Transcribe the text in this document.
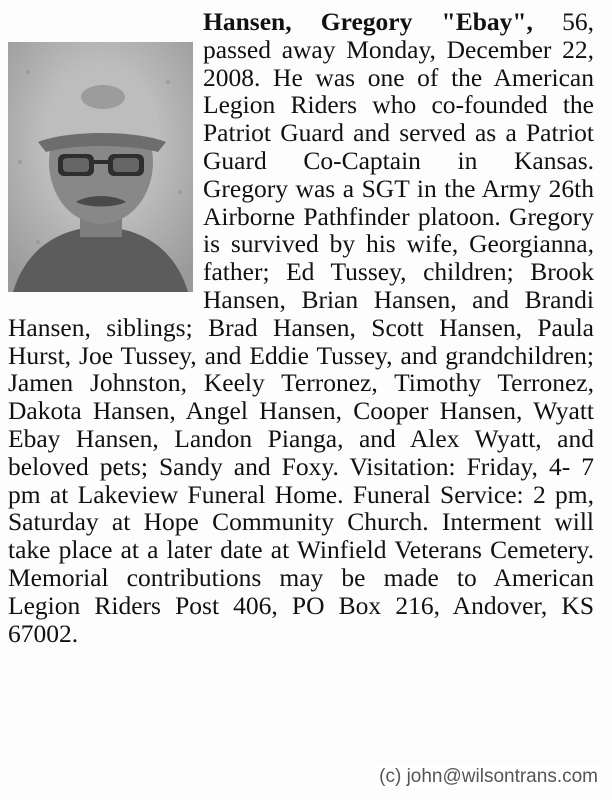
Hansen, Gregory "Ebay", 56, passed away Monday, December 22, 2008. He was one of the American Legion Riders who co-founded the Patriot Guard and served as a Patriot Guard Co-Captain in Kansas. Gregory was a SGT in the Army 26th Airborne Pathfinder platoon. Gregory is survived by his wife, Georgianna, father; Ed Tussey, children; Brook Hansen, Brian Hansen, and Brandi Hansen, siblings; Brad Hansen, Scott Hansen, Paula Hurst, Joe Tussey, and Eddie Tussey, and grandchildren; Jamen Johnston, Keely Terronez, Timothy Terronez, Dakota Hansen, Angel Hansen, Cooper Hansen, Wyatt Ebay Hansen, Landon Pianga, and Alex Wyatt, and beloved pets; Sandy and Foxy. Visitation: Friday, 4- 7 pm at Lakeview Funeral Home. Funeral Service: 2 pm, Saturday at Hope Community Church. Interment will take place at a later date at Winfield Veterans Cemetery. Memorial contributions may be made to American Legion Riders Post 406, PO Box 216, Andover, KS 67002.

(c) john@wilsontrans.com
